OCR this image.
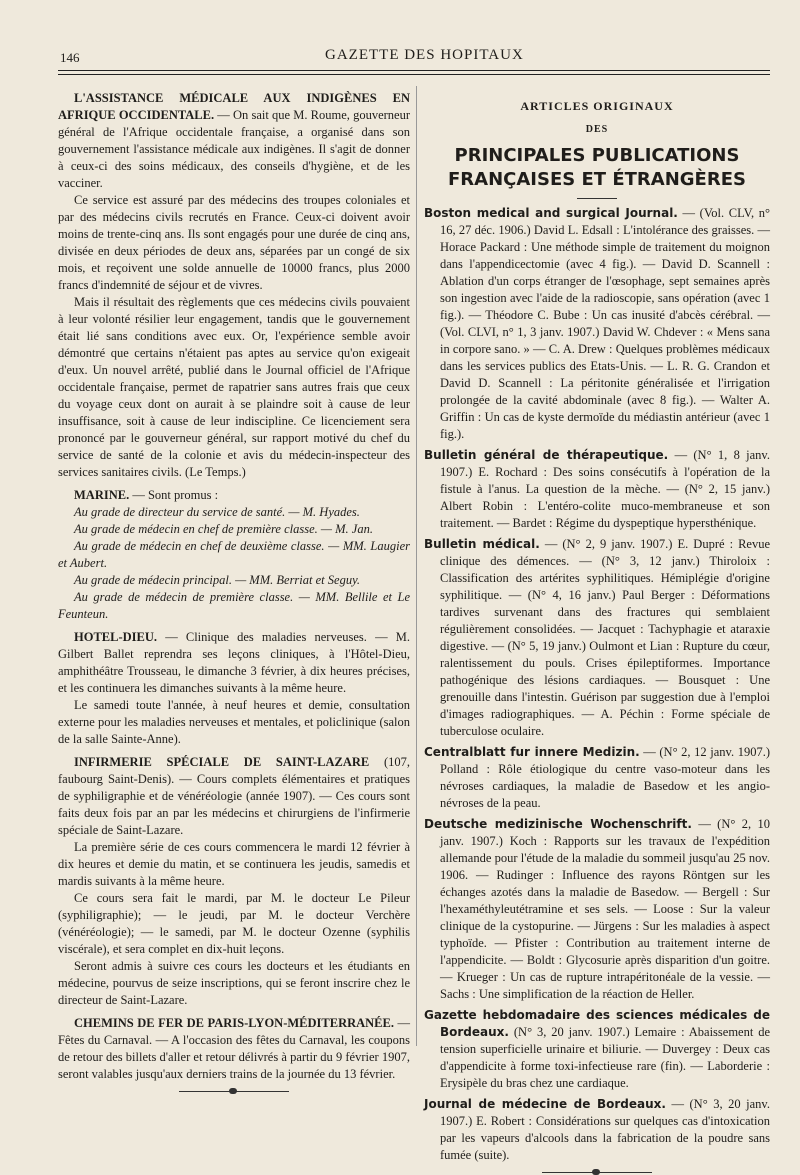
146	GAZETTE DES HOPITAUX

L'ASSISTANCE MÉDICALE AUX INDIGÈNES EN AFRIQUE OCCIDENTALE. — On sait que M. Roume, gouverneur général de l'Afrique occidentale française, a organisé dans son gouvernement l'assistance médicale aux indigènes. Il s'agit de donner à ceux-ci des soins médicaux, des conseils d'hygiène, et de les vacciner.

Ce service est assuré par des médecins des troupes coloniales et par des médecins civils recrutés en France. Ceux-ci doivent avoir moins de trente-cinq ans. Ils sont engagés pour une durée de cinq ans, divisée en deux périodes de deux ans, séparées par un congé de six mois, et reçoivent une solde annuelle de 10000 francs, plus 2000 francs d'indemnité de séjour et de vivres.

Mais il résultait des règlements que ces médecins civils pouvaient à leur volonté résilier leur engagement, tandis que le gouvernement était lié sans conditions avec eux. Or, l'expérience semble avoir démontré que certains n'étaient pas aptes au service qu'on exigeait d'eux. Un nouvel arrêté, publié dans le Journal officiel de l'Afrique occidentale française, permet de rapatrier sans autres frais que ceux du voyage ceux dont on aurait à se plaindre soit à cause de leur insuffisance, soit à cause de leur indiscipline. Ce licenciement sera prononcé par le gouverneur général, sur rapport motivé du chef du service de santé de la colonie et avis du médecin-inspecteur des services sanitaires civils. (Le Temps.)

MARINE. — Sont promus :

Au grade de directeur du service de santé. — M. Hyades.

Au grade de médecin en chef de première classe. — M. Jan.

Au grade de médecin en chef de deuxième classe. — MM. Laugier et Aubert.

Au grade de médecin principal. — MM. Berriat et Seguy.

Au grade de médecin de première classe. — MM. Bellile et Le Feunteun.

HOTEL-DIEU. — Clinique des maladies nerveuses. — M. Gilbert Ballet reprendra ses leçons cliniques, à l'Hôtel-Dieu, amphithéâtre Trousseau, le dimanche 3 février, à dix heures précises, et les continuera les dimanches suivants à la même heure.

Le samedi toute l'année, à neuf heures et demie, consultation externe pour les maladies nerveuses et mentales, et policlinique (salon de la salle Sainte-Anne).

INFIRMERIE SPÉCIALE DE SAINT-LAZARE (107, faubourg Saint-Denis). — Cours complets élémentaires et pratiques de syphiligraphie et de vénéréologie (année 1907). — Ces cours sont faits deux fois par an par les médecins et chirurgiens de l'infirmerie spéciale de Saint-Lazare.

La première série de ces cours commencera le mardi 12 février à dix heures et demie du matin, et se continuera les jeudis, samedis et mardis suivants à la même heure.

Ce cours sera fait le mardi, par M. le docteur Le Pileur (syphiligraphie); — le jeudi, par M. le docteur Verchère (vénéréologie); — le samedi, par M. le docteur Ozenne (syphilis viscérale), et sera complet en dix-huit leçons.

Seront admis à suivre ces cours les docteurs et les étudiants en médecine, pourvus de seize inscriptions, qui se feront inscrire chez le directeur de Saint-Lazare.

CHEMINS DE FER DE PARIS-LYON-MÉDITERRANÉE. — Fêtes du Carnaval. — A l'occasion des fêtes du Carnaval, les coupons de retour des billets d'aller et retour délivrés à partir du 9 février 1907, seront valables jusqu'aux derniers trains de la journée du 13 février.

ARTICLES ORIGINAUX
DES
PRINCIPALES PUBLICATIONS FRANÇAISES ET ÉTRANGÈRES

Boston medical and surgical Journal. — (Vol. CLV, n° 16, 27 déc. 1906.) David L. Edsall : L'intolérance des graisses. — Horace Packard : Une méthode simple de traitement du moignon dans l'appendicectomie (avec 4 fig.). — David D. Scannell : Ablation d'un corps étranger de l'œsophage, sept semaines après son ingestion avec l'aide de la radioscopie, sans opération (avec 1 fig.). — Théodore C. Bube : Un cas inusité d'abcès cérébral. — (Vol. CLVI, n° 1, 3 janv. 1907.) David W. Chdever : « Mens sana in corpore sano. » — C. A. Drew : Quelques problèmes médicaux dans les services publics des Etats-Unis. — L. R. G. Crandon et David D. Scannell : La péritonite généralisée et l'irrigation prolongée de la cavité abdominale (avec 8 fig.). — Walter A. Griffin : Un cas de kyste dermoïde du médiastin antérieur (avec 1 fig.).

Bulletin général de thérapeutique. — (N° 1, 8 janv. 1907.) E. Rochard : Des soins consécutifs à l'opération de la fistule à l'anus. La question de la mèche. — (N° 2, 15 janv.) Albert Robin : L'entéro-colite muco-membraneuse et son traitement. — Bardet : Régime du dyspeptique hypersthénique.

Bulletin médical. — (N° 2, 9 janv. 1907.) E. Dupré : Revue clinique des démences. — (N° 3, 12 janv.) Thiroloix : Classification des artérites syphilitiques. Hémiplégie d'origine syphilitique. — (N° 4, 16 janv.) Paul Berger : Déformations tardives survenant dans des fractures qui semblaient régulièrement consolidées. — Jacquet : Tachyphagie et ataraxie digestive. — (N° 5, 19 janv.) Oulmont et Lian : Rupture du cœur, ralentissement du pouls. Crises épileptiformes. Importance pathogénique des lésions cardiaques. — Bousquet : Une grenouille dans l'intestin. Guérison par suggestion due à l'emploi d'images radiographiques. — A. Péchin : Forme spéciale de tuberculose oculaire.

Centralblatt fur innere Medizin. — (N° 2, 12 janv. 1907.) Polland : Rôle étiologique du centre vaso-moteur dans les névroses cardiaques, la maladie de Basedow et les angio-névroses de la peau.

Deutsche medizinische Wochenschrift. — (N° 2, 10 janv. 1907.) Koch : Rapports sur les travaux de l'expédition allemande pour l'étude de la maladie du sommeil jusqu'au 25 nov. 1906. — Rudinger : Influence des rayons Röntgen sur les échanges azotés dans la maladie de Basedow. — Bergell : Sur l'hexaméthyleutétramine et ses sels. — Loose : Sur la valeur clinique de la cystopurine. — Jürgens : Sur les maladies à aspect typhoïde. — Pfister : Contribution au traitement interne de l'appendicite. — Boldt : Glycosurie après disparition d'un goitre. — Krueger : Un cas de rupture intrapéritonéale de la vessie. — Sachs : Une simplification de la réaction de Heller.

Gazette hebdomadaire des sciences médicales de Bordeaux. (N° 3, 20 janv. 1907.) Lemaire : Abaissement de tension superficielle urinaire et biliurie. — Duvergey : Deux cas d'appendicite à forme toxi-infectieuse rare (fin). — Laborderie : Erysipèle du bras chez une cardiaque.

Journal de médecine de Bordeaux. — (N° 3, 20 janv. 1907.) E. Robert : Considérations sur quelques cas d'intoxication par les vapeurs d'alcools dans la fabrication de la poudre sans fumée (suite).
